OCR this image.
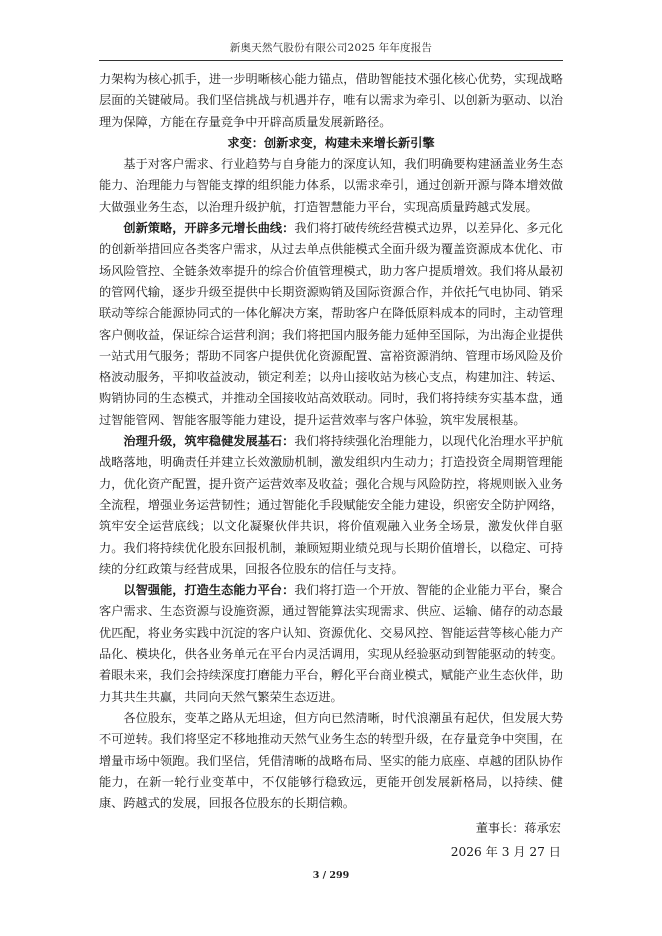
新奥天然气股份有限公司2025 年年度报告

力架构为核心抓手，进一步明晰核心能力锚点，借助智能技术强化核心优势，实现战略层面的关键破局。我们坚信挑战与机遇并存，唯有以需求为牵引、以创新为驱动、以治理为保障，方能在存量竞争中开辟高质量发展新路径。

求变：创新求变，构建未来增长新引擎

基于对客户需求、行业趋势与自身能力的深度认知，我们明确要构建涵盖业务生态能力、治理能力与智能支撑的组织能力体系，以需求牵引，通过创新开源与降本增效做大做强业务生态，以治理升级护航，打造智慧能力平台，实现高质量跨越式发展。

创新策略，开辟多元增长曲线：我们将打破传统经营模式边界，以差异化、多元化的创新举措回应各类客户需求，从过去单点供能模式全面升级为覆盖资源成本优化、市场风险管控、全链条效率提升的综合价值管理模式，助力客户提质增效。我们将从最初的管网代输，逐步升级至提供中长期资源购销及国际资源合作，并依托气电协同、销采联动等综合能源协同式的一体化解决方案，帮助客户在降低原料成本的同时，主动管理客户侧收益，保证综合运营利润；我们将把国内服务能力延伸至国际，为出海企业提供一站式用气服务；帮助不同客户提供优化资源配置、富裕资源消纳、管理市场风险及价格波动服务，平抑收益波动，锁定利差；以舟山接收站为核心支点，构建加注、转运、购销协同的生态模式，并推动全国接收站高效联动。同时，我们将持续夯实基本盘，通过智能管网、智能客服等能力建设，提升运营效率与客户体验，筑牢发展根基。

治理升级，筑牢稳健发展基石：我们将持续强化治理能力，以现代化治理水平护航战略落地，明确责任并建立长效激励机制，激发组织内生动力；打造投资全周期管理能力，优化资产配置，提升资产运营效率及收益；强化合规与风险防控，将规则嵌入业务全流程，增强业务运营韧性；通过智能化手段赋能安全能力建设，织密安全防护网络，筑牢安全运营底线；以文化凝聚伙伴共识，将价值观融入业务全场景，激发伙伴自驱力。我们将持续优化股东回报机制，兼顾短期业绩兑现与长期价值增长，以稳定、可持续的分红政策与经营成果，回报各位股东的信任与支持。

以智强能，打造生态能力平台：我们将打造一个开放、智能的企业能力平台，聚合客户需求、生态资源与设施资源，通过智能算法实现需求、供应、运输、储存的动态最优匹配，将业务实践中沉淀的客户认知、资源优化、交易风控、智能运营等核心能力产品化、模块化，供各业务单元在平台内灵活调用，实现从经验驱动到智能驱动的转变。着眼未来，我们会持续深度打磨能力平台，孵化平台商业模式，赋能产业生态伙伴，助力其共生共赢，共同向天然气繁荣生态迈进。

各位股东，变革之路从无坦途，但方向已然清晰，时代浪潮虽有起伏，但发展大势不可逆转。我们将坚定不移地推动天然气业务生态的转型升级，在存量竞争中突围，在增量市场中领跑。我们坚信，凭借清晰的战略布局、坚实的能力底座、卓越的团队协作能力，在新一轮行业变革中，不仅能够行稳致远，更能开创发展新格局，以持续、健康、跨越式的发展，回报各位股东的长期信赖。

董事长：蒋承宏

2026 年 3 月 27 日

3 / 299
